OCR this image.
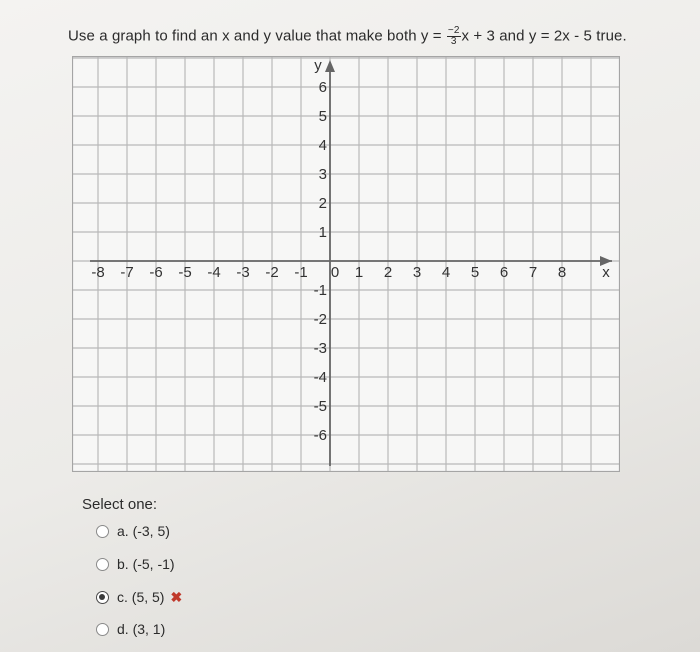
Use a graph to find an x and y value that make both $y = \frac{-2}{3}$ x + 3 and y = 2x - 5 true.
-8 -7 -6 -5 -4 -3 -2 -1 0 1 2 3 4 5 6 7 8
6
5
4
3
2
1
-1
-2
-3
-4
-5
-6
x
y
Select one:
a. (-3, 5)
b. (-5, -1)
c. (5, 5) ✖
d. (3, 1)
